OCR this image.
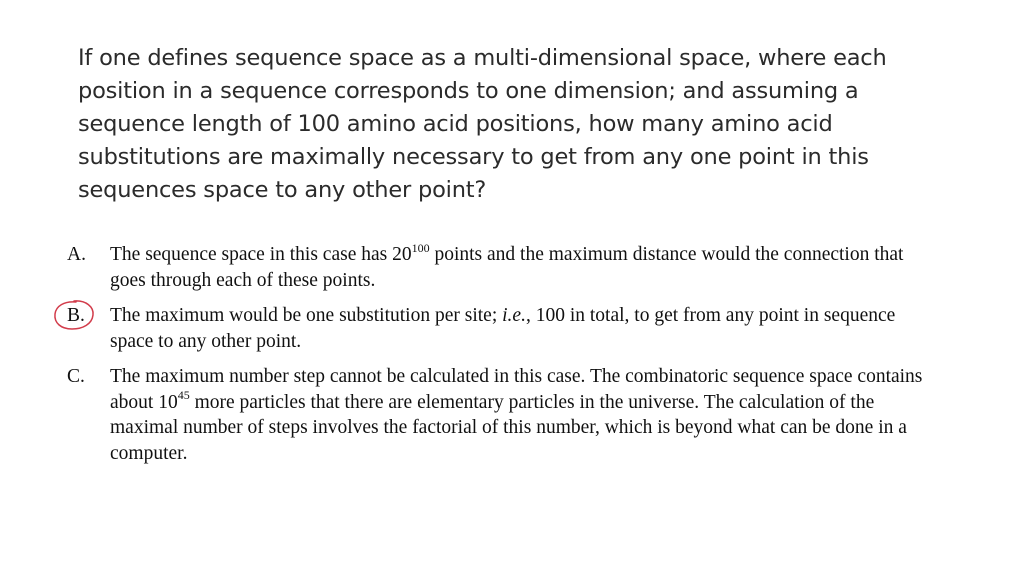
If one defines sequence space as a multi-dimensional space, where each position in a sequence corresponds to one dimension; and assuming a sequence length of 100 amino acid positions, how many amino acid substitutions are maximally necessary to get from any one point in this sequences space to any other point?

A. The sequence space in this case has $20^{100}$ points and the maximum distance would the connection that goes through each of these points.
B. The maximum would be one substitution per site; i.e., 100 in total, to get from any point in sequence space to any other point.
C. The maximum number step cannot be calculated in this case. The combinatoric sequence space contains about $10^{45}$ more particles that there are elementary particles in the universe. The calculation of the maximal number of steps involves the factorial of this number, which is beyond what can be done in a computer.
